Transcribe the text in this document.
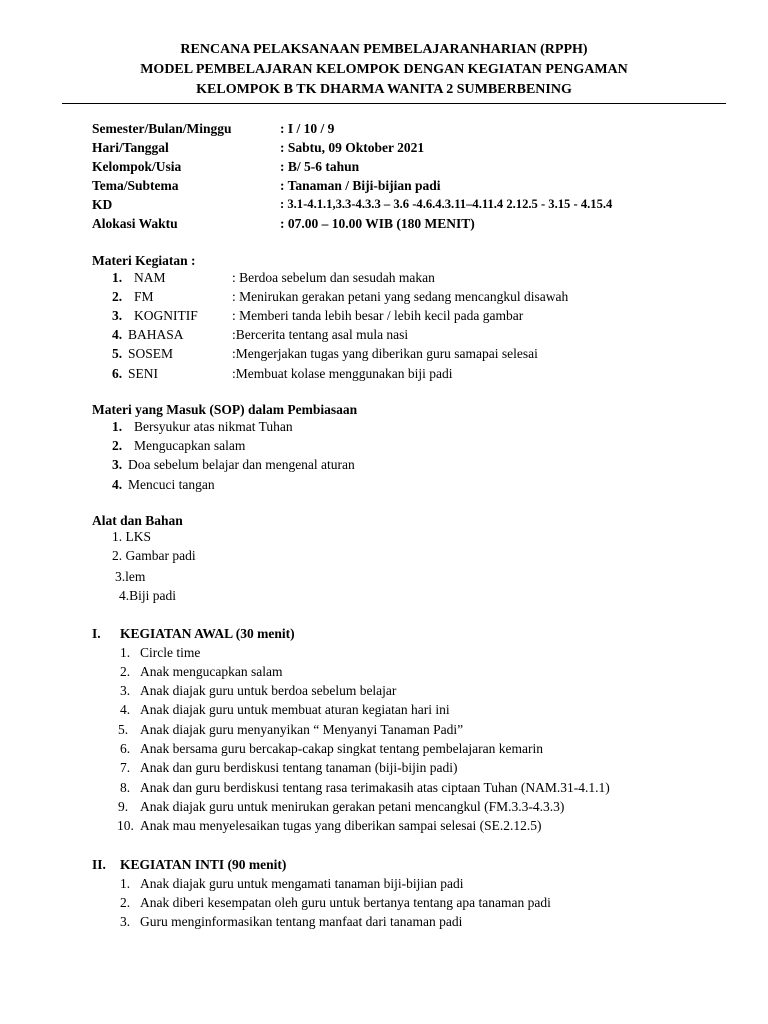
RENCANA PELAKSANAAN PEMBELAJARANHARIAN (RPPH)
MODEL PEMBELAJARAN KELOMPOK DENGAN KEGIATAN PENGAMAN
KELOMPOK B TK DHARMA WANITA 2 SUMBERBENING
Semester/Bulan/Minggu	: I / 10 / 9
Hari/Tanggal	: Sabtu, 09 Oktober 2021
Kelompok/Usia	: B/ 5-6 tahun
Tema/Subtema	: Tanaman / Biji-bijian padi
KD	: 3.1-4.1.1,3.3-4.3.3 – 3.6 -4.6.4.3.11–4.11.4 2.12.5 - 3.15 - 4.15.4
Alokasi Waktu	: 07.00 – 10.00 WIB (180 MENIT)
Materi Kegiatan :
1. NAM	: Berdoa sebelum dan sesudah makan
2. FM	: Menirukan gerakan petani yang sedang mencangkul disawah
3. KOGNITIF	: Memberi tanda lebih besar / lebih kecil pada gambar
4. BAHASA	:Bercerita tentang asal mula nasi
5. SOSEM	:Mengerjakan tugas yang diberikan guru samapai selesai
6. SENI	:Membuat kolase menggunakan biji padi
Materi yang Masuk (SOP) dalam Pembiasaan
1. Bersyukur atas nikmat Tuhan
2. Mengucapkan salam
3. Doa sebelum belajar dan mengenal aturan
4. Mencuci tangan
Alat dan Bahan
1. LKS
2. Gambar padi
3.lem
4.Biji padi
I. KEGIATAN AWAL (30 menit)
1. Circle time
2. Anak mengucapkan salam
3. Anak diajak guru untuk berdoa sebelum belajar
4. Anak diajak guru untuk membuat aturan kegiatan hari ini
5. Anak diajak guru menyanyikan “ Menyanyi Tanaman Padi”
6. Anak bersama guru bercakap-cakap singkat tentang pembelajaran kemarin
7. Anak dan guru berdiskusi tentang tanaman (biji-bijin padi)
8. Anak dan guru berdiskusi tentang rasa terimakasih atas ciptaan Tuhan (NAM.31-4.1.1)
9. Anak diajak guru untuk menirukan gerakan petani mencangkul (FM.3.3-4.3.3)
10. Anak mau menyelesaikan tugas yang diberikan sampai selesai (SE.2.12.5)
II. KEGIATAN INTI (90 menit)
1. Anak diajak guru untuk mengamati tanaman biji-bijian padi
2. Anak diberi kesempatan oleh guru untuk bertanya tentang apa tanaman padi
3. Guru menginformasikan tentang manfaat dari tanaman padi
